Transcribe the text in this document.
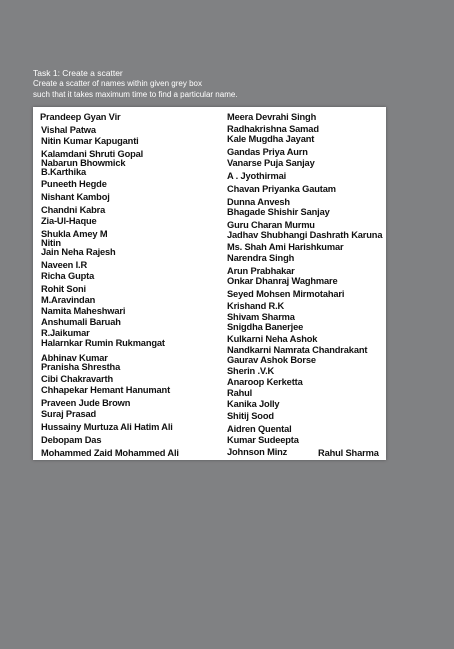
Task 1: Create a scatter
Create a scatter of names within given grey box
such that it takes maximum time to find a particular name.
Prandeep Gyan Vir
Vishal Patwa
Nitin Kumar Kapuganti
Kalamdani Shruti Gopal
Nabarun Bhowmick
B.Karthika
Puneeth Hegde
Nishant Kamboj
Chandni Kabra
Zia-Ul-Haque
Shukla Amey M
Nitin
Jain Neha Rajesh
Naveen I.R
Richa Gupta
Rohit Soni
M.Aravindan
Namita Maheshwari
Anshumali Baruah
R.Jaikumar
Halarnkar Rumin Rukmangat
Abhinav Kumar
Pranisha Shrestha
Cibi Chakravarth
Chhapekar Hemant Hanumant
Praveen Jude Brown
Suraj Prasad
Hussainy Murtuza Ali Hatim Ali
Debopam Das
Mohammed Zaid Mohammed Ali
Meera Devrahi Singh
Radhakrishna Samad
Kale Mugdha Jayant
Gandas Priya Aurn
Vanarse Puja Sanjay
A . Jyothirmai
Chavan Priyanka Gautam
Dunna Anvesh
Bhagade Shishir Sanjay
Guru Charan Murmu
Jadhav Shubhangi Dashrath Karuna
Ms. Shah Ami Harishkumar
Narendra Singh
Arun Prabhakar
Onkar Dhanraj Waghmare
Seyed Mohsen Mirmotahari
Krishand R.K
Shivam Sharma
Snigdha Banerjee
Kulkarni Neha Ashok
Nandkarni Namrata Chandrakant
Gaurav Ashok Borse
Sherin .V.K
Anaroop Kerketta
Rahul
Kanika Jolly
Shitij Sood
Aidren Quental
Kumar Sudeepta
Johnson Minz	Rahul Sharma
